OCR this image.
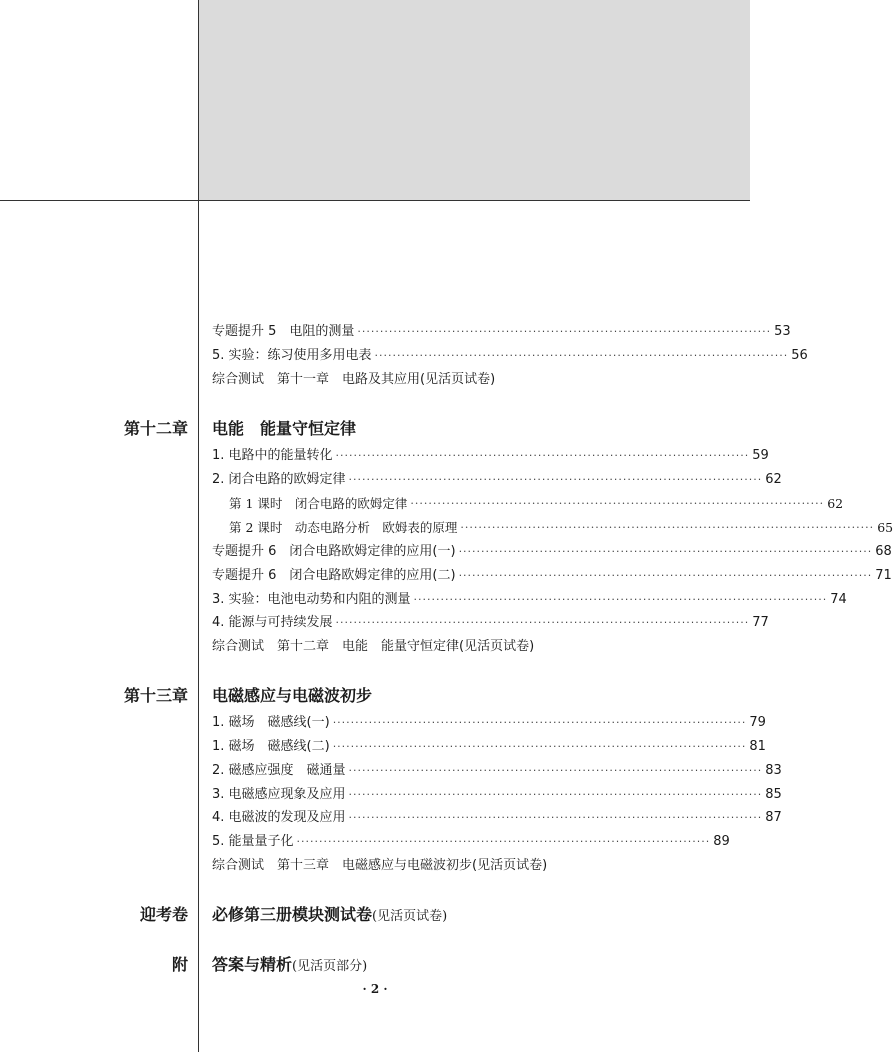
专题提升 5　电阻的测量 ···························································································· 53
5. 实验：练习使用多用电表 ···························································································· 56
综合测试　第十一章　电路及其应用(见活页试卷)
第十二章 电能　能量守恒定律
1. 电路中的能量转化 ···························································································· 59
2. 闭合电路的欧姆定律 ···························································································· 62
第 1 课时　闭合电路的欧姆定律 ···························································································· 62
第 2 课时　动态电路分析　欧姆表的原理 ···························································································· 65
专题提升 6　闭合电路欧姆定律的应用(一) ···························································································· 68
专题提升 6　闭合电路欧姆定律的应用(二) ···························································································· 71
3. 实验：电池电动势和内阻的测量 ···························································································· 74
4. 能源与可持续发展 ···························································································· 77
综合测试　第十二章　电能　能量守恒定律(见活页试卷)
第十三章 电磁感应与电磁波初步
1. 磁场　磁感线(一) ···························································································· 79
1. 磁场　磁感线(二) ···························································································· 81
2. 磁感应强度　磁通量 ···························································································· 83
3. 电磁感应现象及应用 ···························································································· 85
4. 电磁波的发现及应用 ···························································································· 87
5. 能量量子化 ···························································································· 89
综合测试　第十三章　电磁感应与电磁波初步(见活页试卷)
迎考卷 必修第三册模块测试卷(见活页试卷)
附 答案与精析(见活页部分)
· 2 ·
